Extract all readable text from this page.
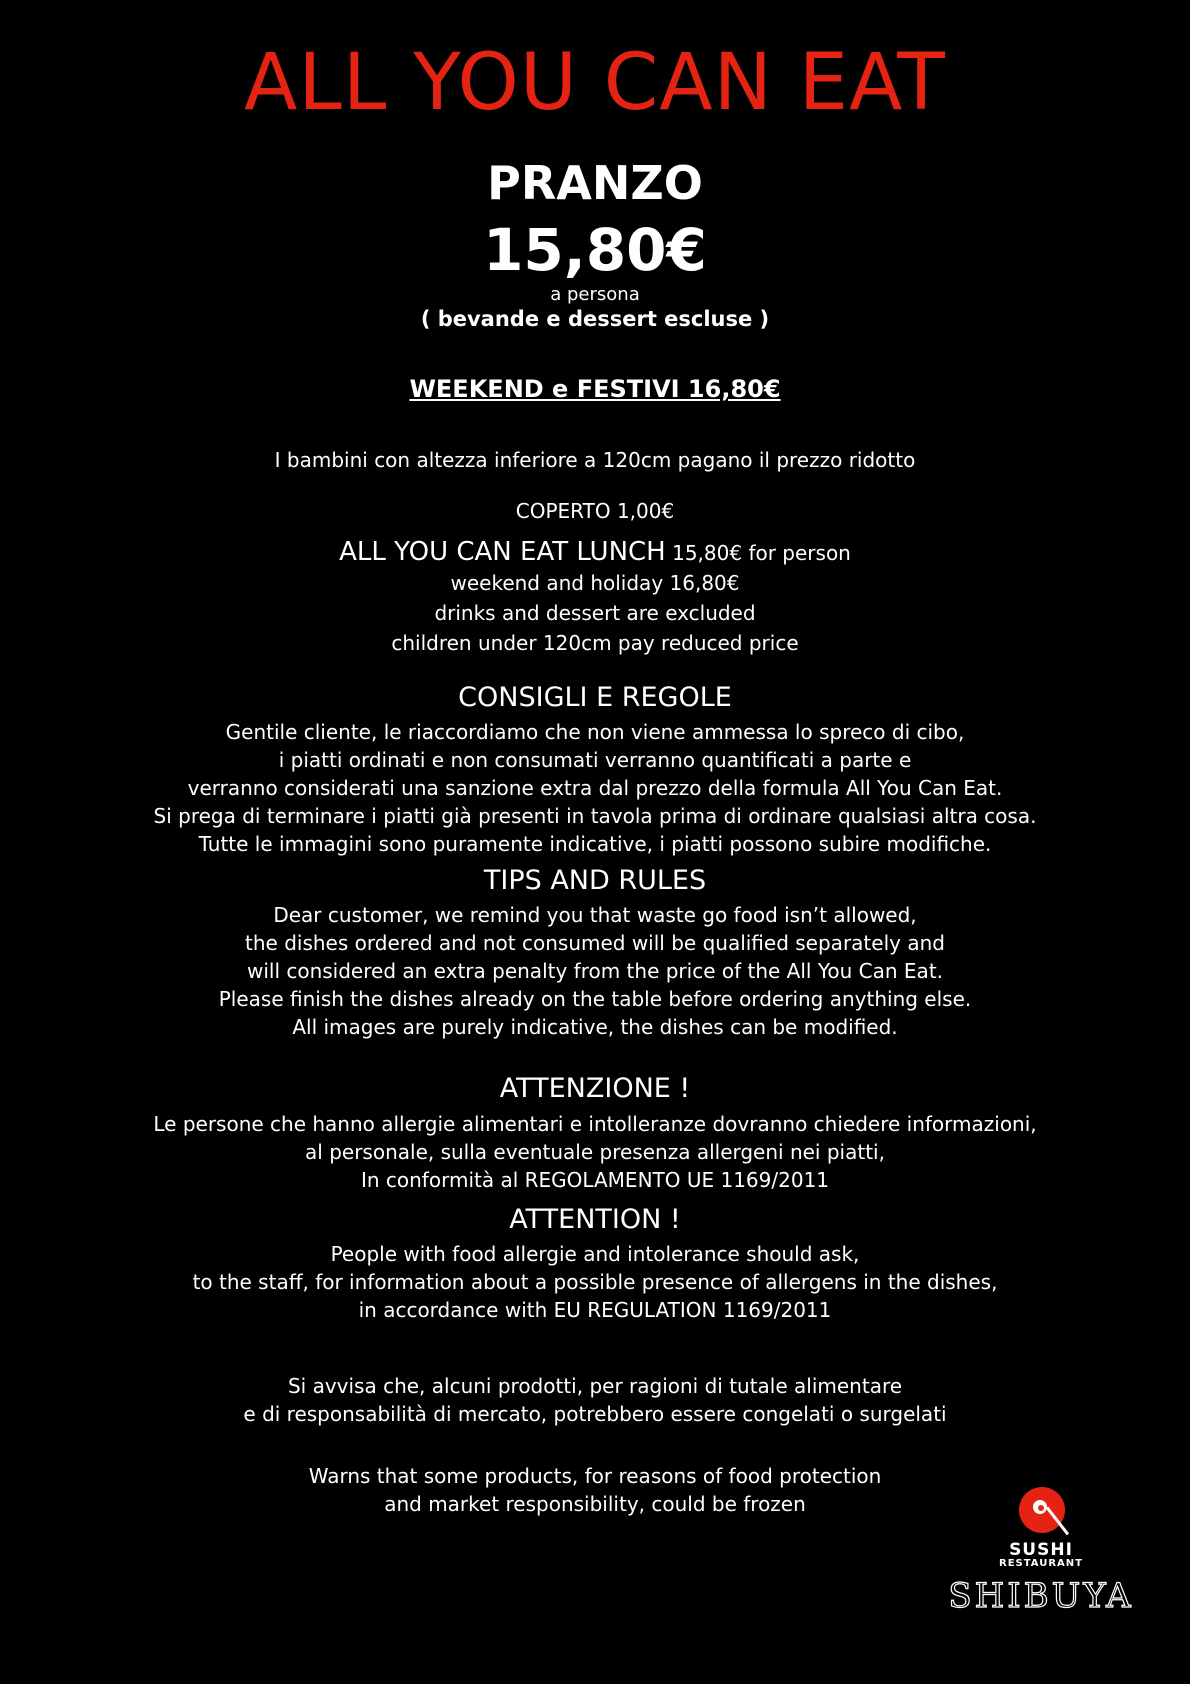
ALL YOU CAN EAT
PRANZO
15,80€
a persona
( bevande e dessert escluse )
WEEKEND e FESTIVI 16,80€
I bambini con altezza inferiore a 120cm pagano il prezzo ridotto
COPERTO 1,00€
ALL YOU CAN EAT LUNCH 15,80€ for person
weekend and holiday 16,80€
drinks and dessert are excluded
children under 120cm pay reduced price
CONSIGLI E REGOLE
Gentile cliente, le riaccordiamo che non viene ammessa lo spreco di cibo,
i piatti ordinati e non consumati verranno quantificati a parte e
verranno considerati una sanzione extra dal prezzo della formula All You Can Eat.
Si prega di terminare i piatti già presenti in tavola prima di ordinare qualsiasi altra cosa.
Tutte le immagini sono puramente indicative, i piatti possono subire modifiche.
TIPS AND RULES
Dear customer, we remind you that waste go food isn’t allowed,
the dishes ordered and not consumed will be qualified separately and
will considered an extra penalty from the price of the All You Can Eat.
Please finish the dishes already on the table before ordering anything else.
All images are purely indicative, the dishes can be modified.
ATTENZIONE !
Le persone che hanno allergie alimentari e intolleranze dovranno chiedere informazioni,
al personale, sulla eventuale presenza allergeni nei piatti,
In conformità al REGOLAMENTO UE 1169/2011
ATTENTION !
People with food allergie and intolerance should ask,
to the staff, for information about a possible presence of allergens in the dishes,
in accordance with EU REGULATION 1169/2011
Si avvisa che, alcuni prodotti, per ragioni di tutale alimentare
e di responsabilità di mercato, potrebbero essere congelati o surgelati
Warns that some products, for reasons of food protection
and market responsibility, could be frozen
SUSHI
RESTAURANT
SHIBUYA
